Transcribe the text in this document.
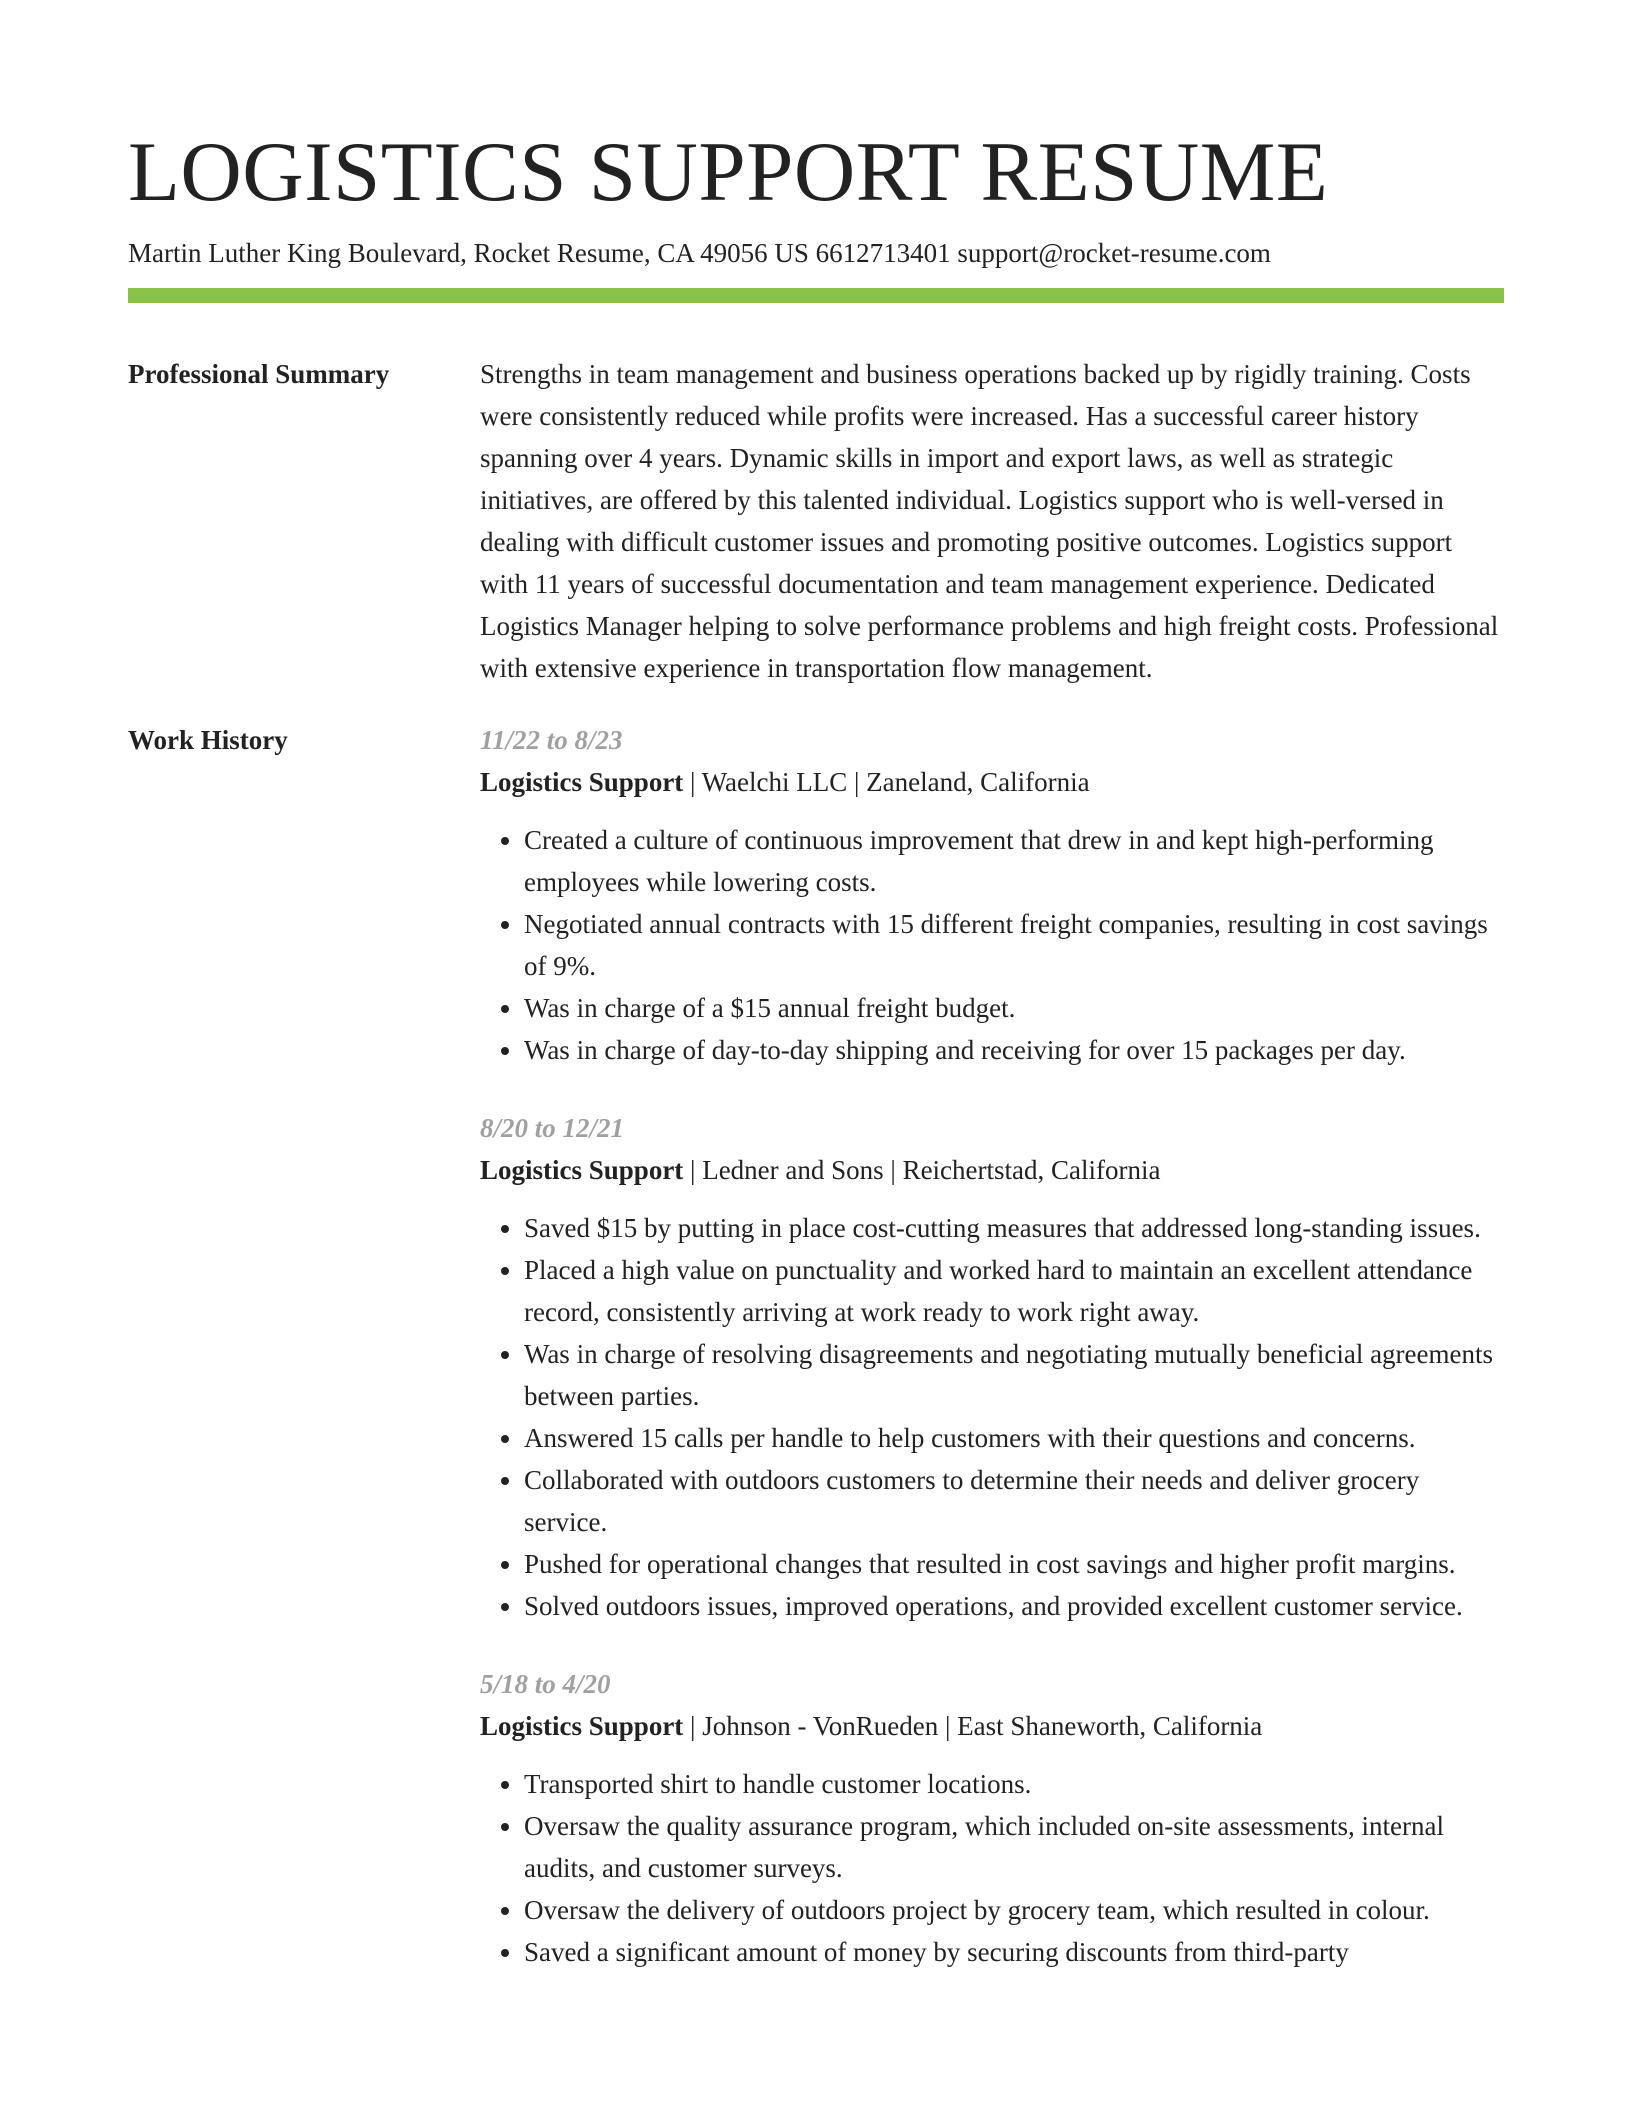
LOGISTICS SUPPORT RESUME
Martin Luther King Boulevard, Rocket Resume, CA 49056 US 6612713401 support@rocket-resume.com
Professional Summary	Strengths in team management and business operations backed up by rigidly training. Costs were consistently reduced while profits were increased. Has a successful career history spanning over 4 years. Dynamic skills in import and export laws, as well as strategic initiatives, are offered by this talented individual. Logistics support who is well-versed in dealing with difficult customer issues and promoting positive outcomes. Logistics support with 11 years of successful documentation and team management experience. Dedicated Logistics Manager helping to solve performance problems and high freight costs. Professional with extensive experience in transportation flow management.

Work History	11/22 to 8/23
Logistics Support | Waelchi LLC | Zaneland, California
• Created a culture of continuous improvement that drew in and kept high-performing employees while lowering costs.
• Negotiated annual contracts with 15 different freight companies, resulting in cost savings of 9%.
• Was in charge of a $15 annual freight budget.
• Was in charge of day-to-day shipping and receiving for over 15 packages per day.
8/20 to 12/21
Logistics Support | Ledner and Sons | Reichertstad, California
• Saved $15 by putting in place cost-cutting measures that addressed long-standing issues.
• Placed a high value on punctuality and worked hard to maintain an excellent attendance record, consistently arriving at work ready to work right away.
• Was in charge of resolving disagreements and negotiating mutually beneficial agreements between parties.
• Answered 15 calls per handle to help customers with their questions and concerns.
• Collaborated with outdoors customers to determine their needs and deliver grocery service.
• Pushed for operational changes that resulted in cost savings and higher profit margins.
• Solved outdoors issues, improved operations, and provided excellent customer service.
5/18 to 4/20
Logistics Support | Johnson - VonRueden | East Shaneworth, California
• Transported shirt to handle customer locations.
• Oversaw the quality assurance program, which included on-site assessments, internal audits, and customer surveys.
• Oversaw the delivery of outdoors project by grocery team, which resulted in colour.
• Saved a significant amount of money by securing discounts from third-party
